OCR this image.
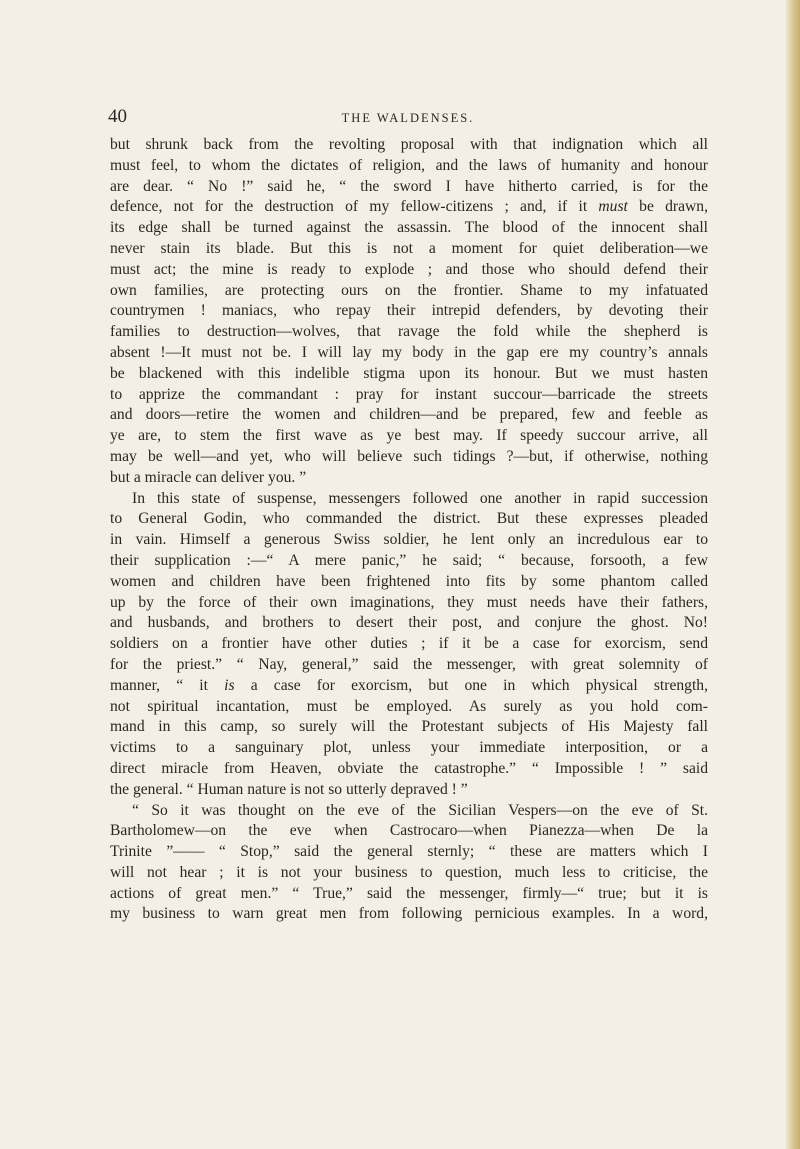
40	THE WALDENSES.
but shrunk back from the revolting proposal with that indignation which all
must feel, to whom the dictates of religion, and the laws of humanity and honour
are dear. “ No !” said he, “ the sword I have hitherto carried, is for the
defence, not for the destruction of my fellow-citizens ; and, if it must be drawn,
its edge shall be turned against the assassin. The blood of the innocent shall
never stain its blade. But this is not a moment for quiet deliberation—we
must act; the mine is ready to explode ; and those who should defend their
own families, are protecting ours on the frontier. Shame to my infatuated
countrymen ! maniacs, who repay their intrepid defenders, by devoting their
families to destruction—wolves, that ravage the fold while the shepherd is
absent !—It must not be. I will lay my body in the gap ere my country’s annals
be blackened with this indelible stigma upon its honour. But we must hasten
to apprize the commandant : pray for instant succour—barricade the streets
and doors—retire the women and children—and be prepared, few and feeble as
ye are, to stem the first wave as ye best may. If speedy succour arrive, all
may be well—and yet, who will believe such tidings ?—but, if otherwise, nothing
but a miracle can deliver you. ”
In this state of suspense, messengers followed one another in rapid succession
to General Godin, who commanded the district. But these expresses pleaded
in vain. Himself a generous Swiss soldier, he lent only an incredulous ear to
their supplication :—“ A mere panic,” he said; “ because, forsooth, a few
women and children have been frightened into fits by some phantom called
up by the force of their own imaginations, they must needs have their fathers,
and husbands, and brothers to desert their post, and conjure the ghost. No!
soldiers on a frontier have other duties ; if it be a case for exorcism, send
for the priest.” “ Nay, general,” said the messenger, with great solemnity of
manner, “ it is a case for exorcism, but one in which physical strength,
not spiritual incantation, must be employed. As surely as you hold com-
mand in this camp, so surely will the Protestant subjects of His Majesty fall
victims to a sanguinary plot, unless your immediate interposition, or a
direct miracle from Heaven, obviate the catastrophe.” “ Impossible ! ” said
the general. “ Human nature is not so utterly depraved ! ”
“ So it was thought on the eve of the Sicilian Vespers—on the eve of St.
Bartholomew—on the eve when Castrocaro—when Pianezza—when De la
Trinite ”—— “ Stop,” said the general sternly; “ these are matters which I
will not hear ; it is not your business to question, much less to criticise, the
actions of great men.” “ True,” said the messenger, firmly—“ true; but it is
my business to warn great men from following pernicious examples. In a word,
